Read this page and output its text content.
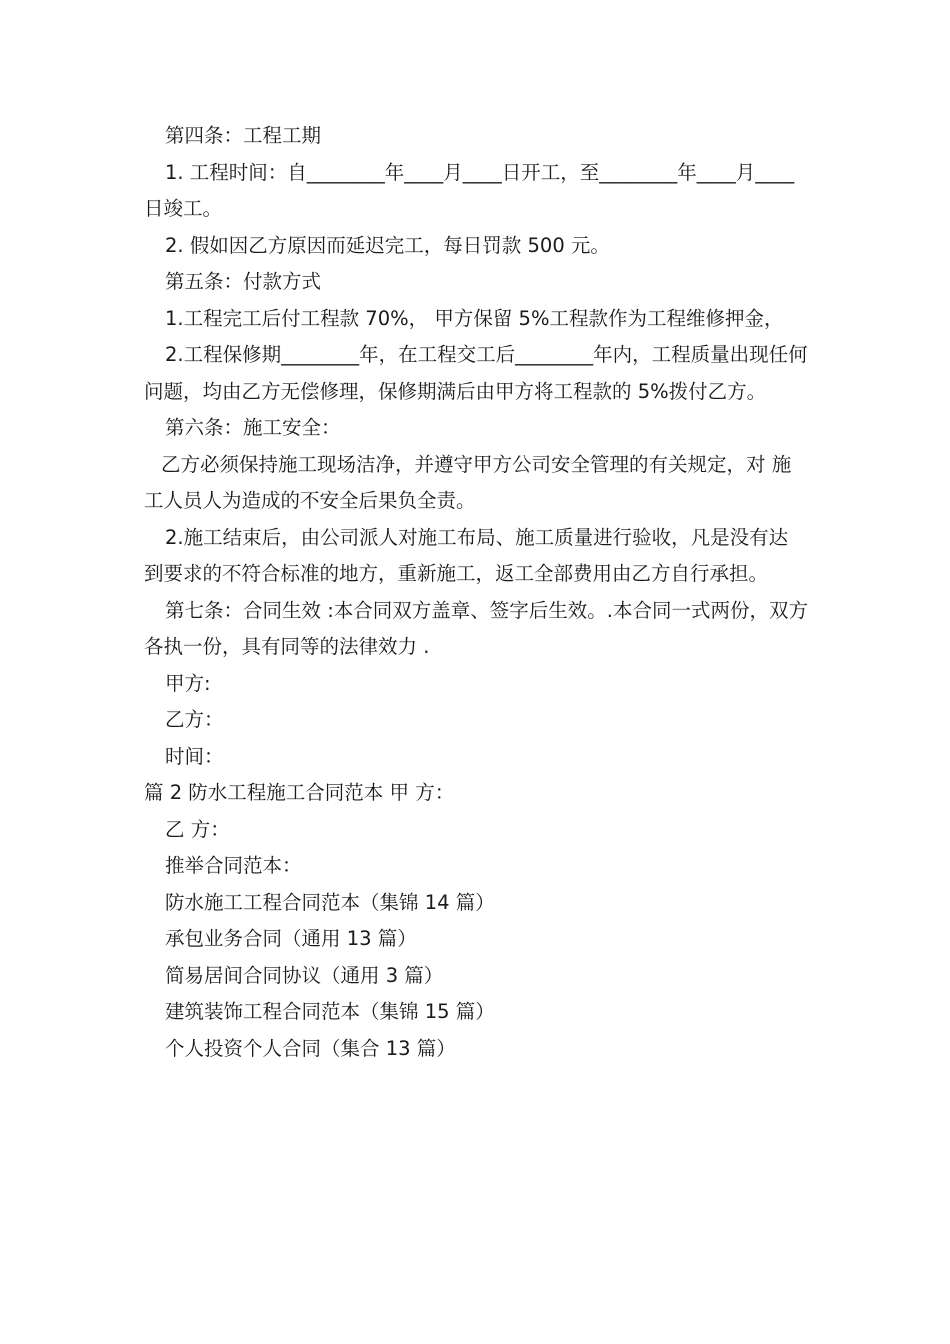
第四条：工程工期

1. 工程时间：自________年____月____日开工，至________年____月____日竣工。

2. 假如因乙方原因而延迟完工，每日罚款 500 元。

第五条：付款方式

1.工程完工后付工程款 70%， 甲方保留 5%工程款作为工程维修押金，

2.工程保修期________年，在工程交工后________年内，工程质量出现任何问题，均由乙方无偿修理，保修期满后由甲方将工程款的 5%拨付乙方。

第六条：施工安全：

乙方必须保持施工现场洁净，并遵守甲方公司安全管理的有关规定，对 施工人员人为造成的不安全后果负全责。

2.施工结束后，由公司派人对施工布局、施工质量进行验收，凡是没有达 到要求的不符合标准的地方，重新施工，返工全部费用由乙方自行承担。

第七条：合同生效 :本合同双方盖章、签字后生效。.本合同一式两份，双方各执一份，具有同等的法律效力 .

甲方:

乙方：

时间：

篇 2 防水工程施工合同范本 甲 方：

乙 方：

推举合同范本：

防水施工工程合同范本（集锦 14 篇）

承包业务合同（通用 13 篇）

简易居间合同协议（通用 3 篇）

建筑装饰工程合同范本（集锦 15 篇）

个人投资个人合同（集合 13 篇）
